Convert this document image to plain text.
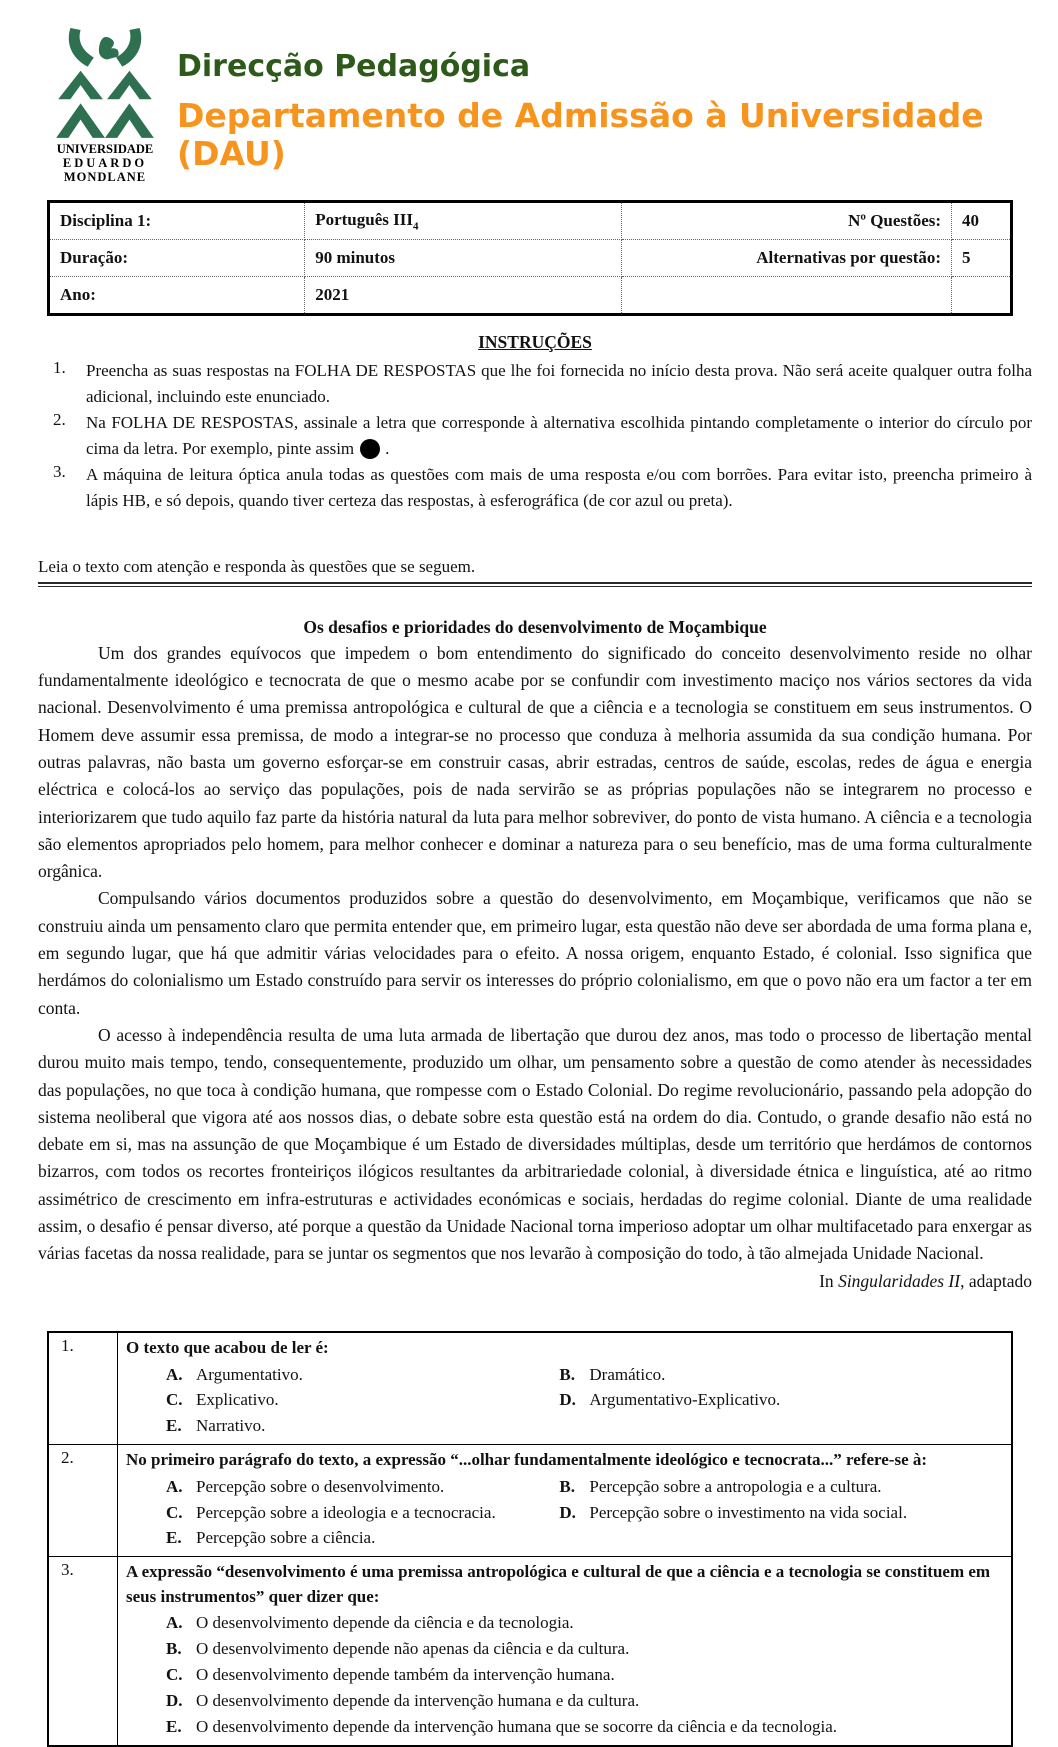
UNIVERSIDADE
EDUARDO
MONDLANE
Direcção Pedagógica
Departamento de Admissão à Universidade (DAU)
Disciplina 1:	Português $III_4$	Nº Questões:	40
Duração:	90 minutos	Alternativas por questão:	5
Ano:	2021		
INSTRUÇÕES
1.	Preencha as suas respostas na FOLHA DE RESPOSTAS que lhe foi fornecida no início desta prova. Não será aceite qualquer outra folha adicional, incluindo este enunciado.
2.	Na FOLHA DE RESPOSTAS, assinale a letra que corresponde à alternativa escolhida pintando completamente o interior do círculo por cima da letra. Por exemplo, pinte assim .
3.	A máquina de leitura óptica anula todas as questões com mais de uma resposta e/ou com borrões. Para evitar isto, preencha primeiro à lápis HB, e só depois, quando tiver certeza das respostas, à esferográfica (de cor azul ou preta).
Leia o texto com atenção e responda às questões que se seguem.
Os desafios e prioridades do desenvolvimento de Moçambique

Um dos grandes equívocos que impedem o bom entendimento do significado do conceito desenvolvimento reside no olhar fundamentalmente ideológico e tecnocrata de que o mesmo acabe por se confundir com investimento maciço nos vários sectores da vida nacional. Desenvolvimento é uma premissa antropológica e cultural de que a ciência e a tecnologia se constituem em seus instrumentos. O Homem deve assumir essa premissa, de modo a integrar-se no processo que conduza à melhoria assumida da sua condição humana. Por outras palavras, não basta um governo esforçar-se em construir casas, abrir estradas, centros de saúde, escolas, redes de água e energia eléctrica e colocá-los ao serviço das populações, pois de nada servirão se as próprias populações não se integrarem no processo e interiorizarem que tudo aquilo faz parte da história natural da luta para melhor sobreviver, do ponto de vista humano. A ciência e a tecnologia são elementos apropriados pelo homem, para melhor conhecer e dominar a natureza para o seu benefício, mas de uma forma culturalmente orgânica.

Compulsando vários documentos produzidos sobre a questão do desenvolvimento, em Moçambique, verificamos que não se construiu ainda um pensamento claro que permita entender que, em primeiro lugar, esta questão não deve ser abordada de uma forma plana e, em segundo lugar, que há que admitir várias velocidades para o efeito. A nossa origem, enquanto Estado, é colonial. Isso significa que herdámos do colonialismo um Estado construído para servir os interesses do próprio colonialismo, em que o povo não era um factor a ter em conta.

O acesso à independência resulta de uma luta armada de libertação que durou dez anos, mas todo o processo de libertação mental durou muito mais tempo, tendo, consequentemente, produzido um olhar, um pensamento sobre a questão de como atender às necessidades das populações, no que toca à condição humana, que rompesse com o Estado Colonial. Do regime revolucionário, passando pela adopção do sistema neoliberal que vigora até aos nossos dias, o debate sobre esta questão está na ordem do dia. Contudo, o grande desafio não está no debate em si, mas na assunção de que Moçambique é um Estado de diversidades múltiplas, desde um território que herdámos de contornos bizarros, com todos os recortes fronteiriços ilógicos resultantes da arbitrariedade colonial, à diversidade étnica e linguística, até ao ritmo assimétrico de crescimento em infra-estruturas e actividades económicas e sociais, herdadas do regime colonial. Diante de uma realidade assim, o desafio é pensar diverso, até porque a questão da Unidade Nacional torna imperioso adoptar um olhar multifacetado para enxergar as várias facetas da nossa realidade, para se juntar os segmentos que nos levarão à composição do todo, à tão almejada Unidade Nacional.

In Singularidades II, adaptado
1.	O texto que acabou de ler é:
A. Argumentativo.	B. Dramático.
C. Explicativo.	D. Argumentativo-Explicativo.
E. Narrativo.

2.	No primeiro parágrafo do texto, a expressão “...olhar fundamentalmente ideológico e tecnocrata...” refere-se à:
A. Percepção sobre o desenvolvimento.	B. Percepção sobre a antropologia e a cultura.
C. Percepção sobre a ideologia e a tecnocracia.	D. Percepção sobre o investimento na vida social.
E. Percepção sobre a ciência.

3.	A expressão “desenvolvimento é uma premissa antropológica e cultural de que a ciência e a tecnologia se constituem em seus instrumentos” quer dizer que:
A. O desenvolvimento depende da ciência e da tecnologia.
B. O desenvolvimento depende não apenas da ciência e da cultura.
C. O desenvolvimento depende também da intervenção humana.
D. O desenvolvimento depende da intervenção humana e da cultura.
E. O desenvolvimento depende da intervenção humana que se socorre da ciência e da tecnologia.
